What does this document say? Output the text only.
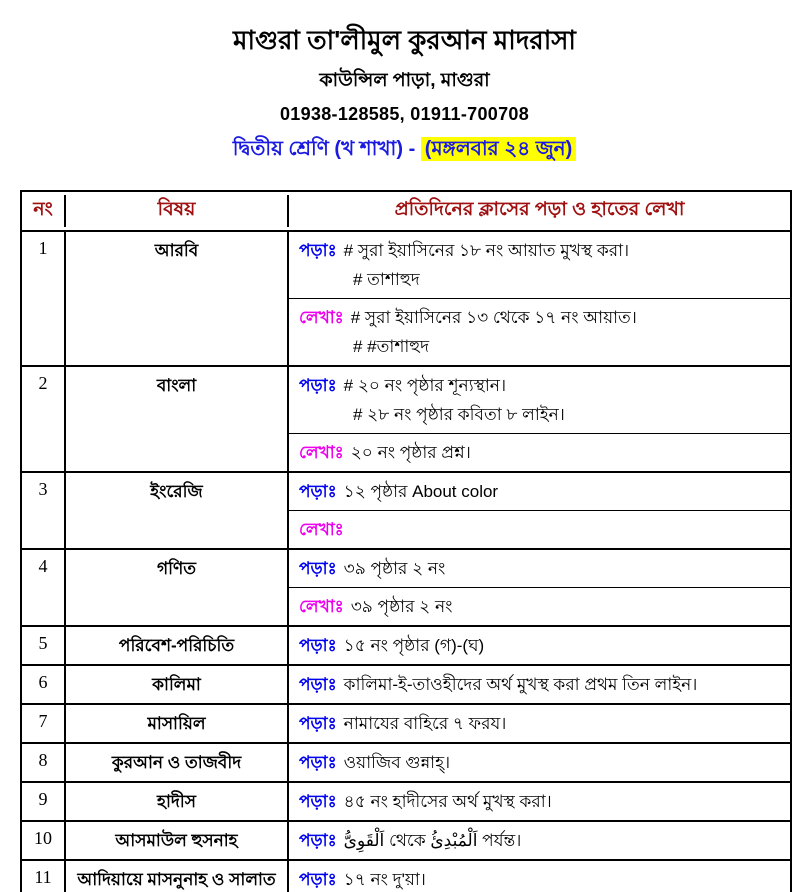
মাগুরা তা'লীমুল কুরআন মাদরাসা
কাউন্সিল পাড়া, মাগুরা
01938-128585, 01911-700708
দ্বিতীয় শ্রেণি (খ শাখা) - (মঙ্গলবার ২৪ জুন)
নং	বিষয়	প্রতিদিনের ক্লাসের পড়া ও হাতের লেখা
1	আরবি	পড়াঃ # সুরা ইয়াসিনের ১৮ নং আয়াত মুখস্থ করা।
# তাশাহুদ
লেখাঃ # সুরা ইয়াসিনের ১৩ থেকে ১৭ নং আয়াত।
# #তাশাহুদ
2	বাংলা	পড়াঃ # ২০ নং পৃষ্ঠার শূন্যস্থান।
# ২৮ নং পৃষ্ঠার কবিতা ৮ লাইন।
লেখাঃ ২০ নং পৃষ্ঠার প্রশ্ন।
3	ইংরেজি	পড়াঃ ১২ পৃষ্ঠার About color
লেখাঃ
4	গণিত	পড়াঃ ৩৯ পৃষ্ঠার ২ নং
লেখাঃ ৩৯ পৃষ্ঠার ২ নং
5	পরিবেশ-পরিচিতি	পড়াঃ ১৫ নং পৃষ্ঠার (গ)-(ঘ)
6	কালিমা	পড়াঃ কালিমা-ই-তাওহীদের অর্থ মুখস্থ করা প্রথম তিন লাইন।
7	মাসায়িল	পড়াঃ নামাযের বাহিরে ৭ ফরয।
8	কুরআন ও তাজবীদ	পড়াঃ ওয়াজিব গুন্নাহ্।
9	হাদীস	পড়াঃ ৪৫ নং হাদীসের অর্থ মুখস্থ করা।
10	আসমাউল হুসনাহ	পড়াঃ اَلْقَوِىُّ থেকে اَلْمُبْدِئُ পর্যন্ত।
11	আদিয়ায়ে মাসনুনাহ ও সালাত	পড়াঃ ১৭ নং দু'য়া।
